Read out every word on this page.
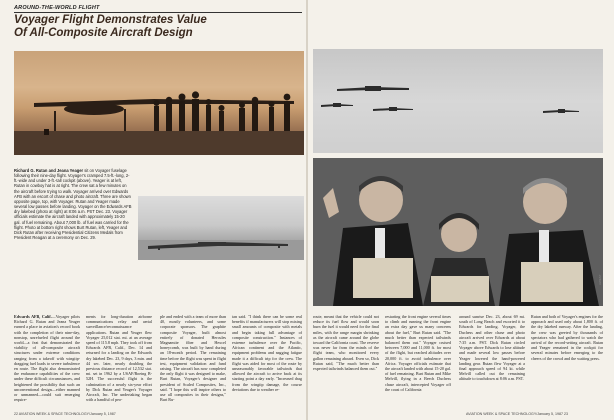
AROUND-THE-WORLD FLIGHT
Voyager Flight Demonstrates Value
Of All-Composite Aircraft Design
Richard G. Rutan and Jeana Yeager sit on Voyager fuselage following their nine-day flight. Voyager's cramped 7.5-ft.-long, 2-ft.-wide and under 3-ft.-tall cockpit (above). Yeager is at left, Rutan in cowboy hat is at right. The crew sat a few minutes on the aircraft before trying to walk. Voyager arrived over Edwards AFB with an escort of chase and photo aircraft. Three are shown opposite page, top, with Voyager. Rutan and Yeager made several low passes before landing. Voyager on the Edwards AFB dry lakebed (photo at right) at 8:06 a.m. PST Dec. 23. Voyager officials estimate the aircraft landed with approximately 15-20 gal. of fuel remaining. About 7,000 lb. of fuel was carried for the flight. Photo at bottom right shows Burt Rutan, left, Yeager and Dick Rutan after receiving Presidential Citizens Medals from President Reagan at a ceremony on Dec. 29.
Edwards AFB, Calif.—Voyager pilots Richard G. Rutan and Jeana Yeager earned a place in aviation's record book with the completion of their nine-day, nonstop, unrefueled flight around the world—a feat that demonstrated the viability of all-composite aircraft structures under extreme conditions ranging from a takeoff with wingtip-dragging fuel loads to severe turbulence en route. The flight also demonstrated the endurance capabilities of the crew under these difficult circumstances, and heightened the possibility that such an unconventional design—either manned or unmanned—could suit emerging require-
ments for long-duration airborne communications relay and aerial surveillance/reconnaissance applications. Rutan and Yeager flew Voyager 25,012 stat. mi. at an average speed of 115.8 mph. They took off from Edwards AFB, Calif., Dec. 14 and returned for a landing on the Edwards dry lakebed Dec. 23, 9 days, 3 min. and 44 sec. later, nearly doubling the previous distance record of 12,532 stat. mi. set in 1962 by a USAF/Boeing B-52H. The successful flight is the culmination of a nearly six-year effort by Dick Rutan and Yeager's Voyager Aircraft, Inc. The undertaking began with a handful of peo-
ple and ended with a team of more than 40, mostly volunteers, and some corporate sponsors. The graphite composite Voyager, built almost entirely of donated Hercules Magnamite fiber and Hexcel honeycomb, was built by hand during an 18-month period. The remaining time before the flight was spent in flight test, equipment validation and fund raising. The aircraft has now completed the only flight it was designed to make, Burt Rutan, Voyager's designer and president of Scaled Composites, Inc., said. "I hope this will inspire others to use all composites in their designs," Burt Ru-
tan said. "I think there can be some real benefits if manufacturers will stop mixing small amounts of composite with metals and begin taking full advantage of composite construction." Instances of extreme turbulence over the Pacific, African continent and the Atlantic, equipment problems and nagging fatigue made it a difficult trip for the crew. The flight was aided for most of the route by unseasonably favorable tailwinds that allowed the aircraft to arrive back at its starting point a day early. "Increased drag from the wingtip damage, the course deviations due to weather re-
22 AVIATION WEEK & SPACE TECHNOLOGY/January 5, 1987
AW&ST
route, meant that the vehicle could not reduce its fuel flow and would soon burn the fuel it would need for the final miles, with the range margin shrinking as the aircraft came around the globe toward the California coast. The reserve was never far from the minds of the flight team, who monitored every gallon remaining aboard. Even so, Dick Rutan said, "The much better than expected tailwinds balanced them out."
restarting the front engine several times to climb and running the front engine an extra day gave us many concerns about the fuel," Burt Rutan said. "The much better than expected tailwinds balanced them out." Voyager cruised between 7,000 and 11,000 ft. for most of the flight, but reached altitudes over 20,000 ft. to avoid turbulence over Africa. Voyager officials estimate that the aircraft landed with about 15-20 gal. of fuel remaining. Burt Rutan and Mike Melvill, flying in a Beech Duchess chase aircraft, intercepted Voyager off the coast of California
around sunrise Dec. 23, about 69 mi. south of Long Beach and escorted it to Edwards for landing. Voyager, the Duchess and other chase and photo aircraft arrived over Edwards at about 7:35 a.m. PST. Dick Rutan circled Voyager above Edwards to lose altitude and made several low passes before Yeager lowered the hand-powered landing gear. Rutan flew Voyager at a final approach speed of 94 kt. while Melvill called out the remaining altitude to touchdown at 8:06 a.m. PST.
Rutan and both of Voyager's engines for the approach and used only about 1,800 ft. of the dry lakebed runway. After the landing, the crew was greeted by thousands of spectators who had gathered to watch the arrival of the record-setting aircraft. Rutan and Yeager remained in the cockpit for several minutes before emerging to the cheers of the crowd and the waiting press.
AVIATION WEEK & SPACE TECHNOLOGY/January 5, 1987 23
